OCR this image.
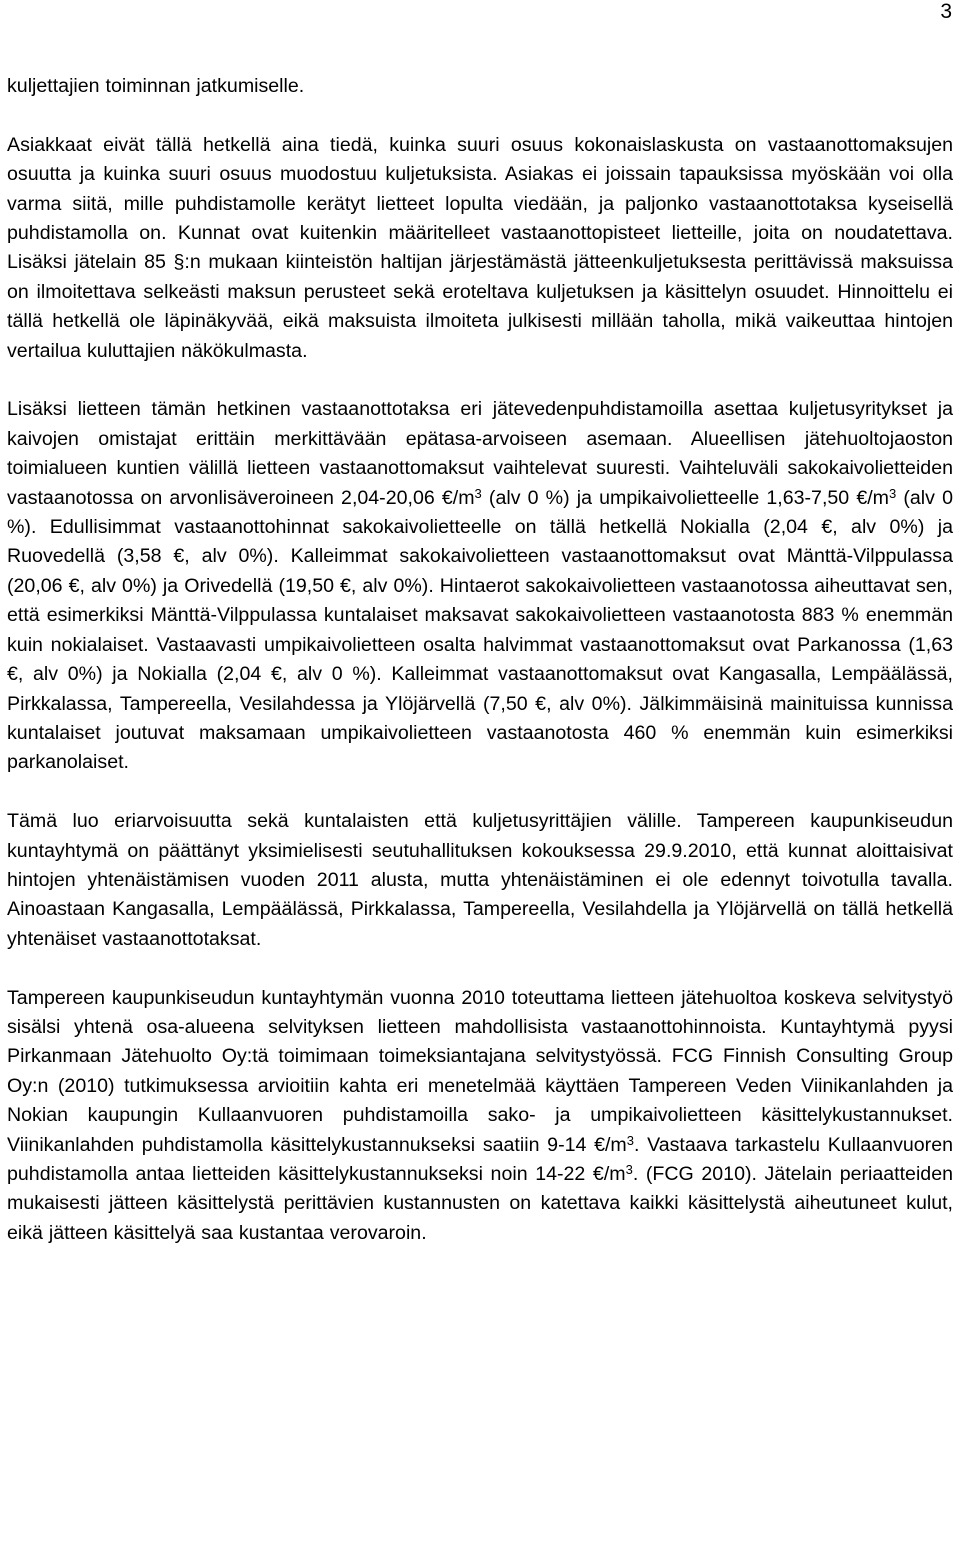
3

kuljettajien toiminnan jatkumiselle.

Asiakkaat eivät tällä hetkellä aina tiedä, kuinka suuri osuus kokonaislaskusta on vastaanottomaksujen osuutta ja kuinka suuri osuus muodostuu kuljetuksista. Asiakas ei joissain tapauksissa myöskään voi olla varma siitä, mille puhdistamolle kerätyt lietteet lopulta viedään, ja paljonko vastaanottotaksa kyseisellä puhdistamolla on. Kunnat ovat kuitenkin määritelleet vastaanottopisteet lietteille, joita on noudatettava. Lisäksi jätelain 85 §:n mukaan kiinteistön haltijan järjestämästä jätteenkuljetuksesta perittävissä maksuissa on ilmoitettava selkeästi maksun perusteet sekä eroteltava kuljetuksen ja käsittelyn osuudet. Hinnoittelu ei tällä hetkellä ole läpinäkyvää, eikä maksuista ilmoiteta julkisesti millään taholla, mikä vaikeuttaa hintojen vertailua kuluttajien näkökulmasta.

Lisäksi lietteen tämän hetkinen vastaanottotaksa eri jätevedenpuhdistamoilla asettaa kuljetusyritykset ja kaivojen omistajat erittäin merkittävään epätasa-arvoiseen asemaan. Alueellisen jätehuoltojaoston toimialueen kuntien välillä lietteen vastaanottomaksut vaihtelevat suuresti. Vaihteluväli sakokaivolietteiden vastaanotossa on arvonlisäveroineen 2,04-20,06 $€/m^3$ (alv 0 %) ja umpikaivolietteelle 1,63-7,50 $€/m^3$ (alv 0 %). Edullisimmat vastaanottohinnat sakokaivolietteelle on tällä hetkellä Nokialla (2,04 €, alv 0%) ja Ruovedellä (3,58 €, alv 0%). Kalleimmat sakokaivolietteen vastaanottomaksut ovat Mänttä-Vilppulassa (20,06 €, alv 0%) ja Orivedellä (19,50 €, alv 0%). Hintaerot sakokaivolietteen vastaanotossa aiheuttavat sen, että esimerkiksi Mänttä-Vilppulassa kuntalaiset maksavat sakokaivolietteen vastaanotosta 883 % enemmän kuin nokialaiset. Vastaavasti umpikaivolietteen osalta halvimmat vastaanottomaksut ovat Parkanossa (1,63 €, alv 0%) ja Nokialla (2,04 €, alv 0 %). Kalleimmat vastaanottomaksut ovat Kangasalla, Lempäälässä, Pirkkalassa, Tampereella, Vesilahdessa ja Ylöjärvellä (7,50 €, alv 0%). Jälkimmäisinä mainituissa kunnissa kuntalaiset joutuvat maksamaan umpikaivolietteen vastaanotosta 460 % enemmän kuin esimerkiksi parkanolaiset.

Tämä luo eriarvoisuutta sekä kuntalaisten että kuljetusyrittäjien välille. Tampereen kaupunkiseudun kuntayhtymä on päättänyt yksimielisesti seutuhallituksen kokouksessa 29.9.2010, että kunnat aloittaisivat hintojen yhtenäistämisen vuoden 2011 alusta, mutta yhtenäistäminen ei ole edennyt toivotulla tavalla. Ainoastaan Kangasalla, Lempäälässä, Pirkkalassa, Tampereella, Vesilahdella ja Ylöjärvellä on tällä hetkellä yhtenäiset vastaanottotaksat.

Tampereen kaupunkiseudun kuntayhtymän vuonna 2010 toteuttama lietteen jätehuoltoa koskeva selvitystyö sisälsi yhtenä osa-alueena selvityksen lietteen mahdollisista vastaanottohinnoista. Kuntayhtymä pyysi Pirkanmaan Jätehuolto Oy:tä toimimaan toimeksiantajana selvitystyössä. FCG Finnish Consulting Group Oy:n (2010) tutkimuksessa arvioitiin kahta eri menetelmää käyttäen Tampereen Veden Viinikanlahden ja Nokian kaupungin Kullaanvuoren puhdistamoilla sako- ja umpikaivolietteen käsittelykustannukset. Viinikanlahden puhdistamolla käsittelykustannukseksi saatiin 9-14 $€/m^3$. Vastaava tarkastelu Kullaanvuoren puhdistamolla antaa lietteiden käsittelykustannukseksi noin 14-22 $€/m^3$. (FCG 2010). Jätelain periaatteiden mukaisesti jätteen käsittelystä perittävien kustannusten on katettava kaikki käsittelystä aiheutuneet kulut, eikä jätteen käsittelyä saa kustantaa verovaroin.
